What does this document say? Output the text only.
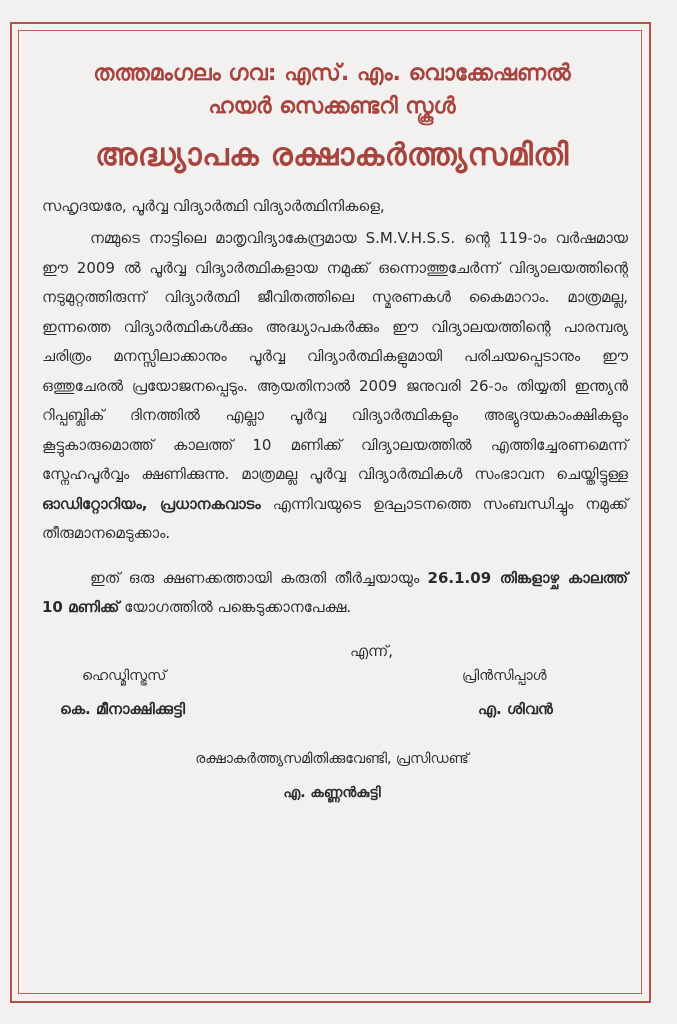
തത്തമംഗലം ഗവ: എസ്. എം. വൊക്കേഷണല്‍
ഹയര്‍ സെക്കണ്ടറി സ്കൂള്‍
അദ്ധ്യാപക രക്ഷാകര്‍ത്ത്യസമിതി
സഹൃദയരേ, പൂര്‍വ്വ വിദ്യാര്‍ത്ഥി വിദ്യാര്‍ത്ഥിനികളെ,

നമ്മുടെ നാട്ടിലെ മാതൃവിദ്യാകേന്ദ്രമായ S.M.V.H.S.S. ന്റെ 119-ാം വര്‍ഷമായ ഈ 2009 ല്‍ പൂര്‍വ്വ വിദ്യാര്‍ത്ഥികളായ നമുക്ക് ഒന്നൊത്തുചേര്‍ന്ന് വിദ്യാലയത്തിന്റെ നടുമുറ്റത്തിരുന്ന് വിദ്യാര്‍ത്ഥി ജീവിതത്തിലെ സ്മരണകള്‍ കൈമാറാം. മാത്രമല്ല, ഇന്നത്തെ വിദ്യാര്‍ത്ഥികള്‍ക്കും അദ്ധ്യാപകര്‍ക്കും ഈ വിദ്യാലയത്തിന്റെ പാരമ്പര്യ ചരിത്രം മനസ്സിലാക്കാനും പൂര്‍വ്വ വിദ്യാര്‍ത്ഥികളുമായി പരിചയപ്പെടാനും ഈ ഒത്തുചേരല്‍ പ്രയോജനപ്പെടും. ആയതിനാല്‍ 2009 ജനുവരി 26-ാം തിയ്യതി ഇന്ത്യന്‍ റിപ്പബ്ലിക് ദിനത്തില്‍ എല്ലാ പൂര്‍വ്വ വിദ്യാര്‍ത്ഥികളും അഭ്യുദയകാംക്ഷികളും കൂട്ടുകാരുമൊത്ത് കാലത്ത് 10 മണിക്ക് വിദ്യാലയത്തില്‍ എത്തിച്ചേരണമെന്ന് സ്നേഹപൂര്‍വ്വം ക്ഷണിക്കുന്നു. മാത്രമല്ല പൂര്‍വ്വ വിദ്യാര്‍ത്ഥികള്‍ സംഭാവന ചെയ്തിട്ടുള്ള ഓഡിറ്റോറിയം, പ്രധാനകവാടം എന്നിവയുടെ ഉദ്ഘാടനത്തെ സംബന്ധിച്ചും നമുക്ക് തീരുമാനമെടുക്കാം.

ഇത് ഒരു ക്ഷണക്കത്തായി കരുതി തീര്‍ച്ചയായും 26.1.09 തിങ്കളാഴ്ച കാലത്ത് 10 മണിക്ക് യോഗത്തില്‍ പങ്കെടുക്കാനപേക്ഷ.

എന്ന്,
ഹെഡ്മിസ്ട്രസ്	പ്രിന്‍സിപ്പാള്‍
കെ. മീനാക്ഷിക്കുട്ടി	എ. ശിവന്‍
രക്ഷാകര്‍ത്ത്യസമിതിക്കുവേണ്ടി, പ്രസിഡണ്ട്
എ. കണ്ണന്‍കുട്ടി
